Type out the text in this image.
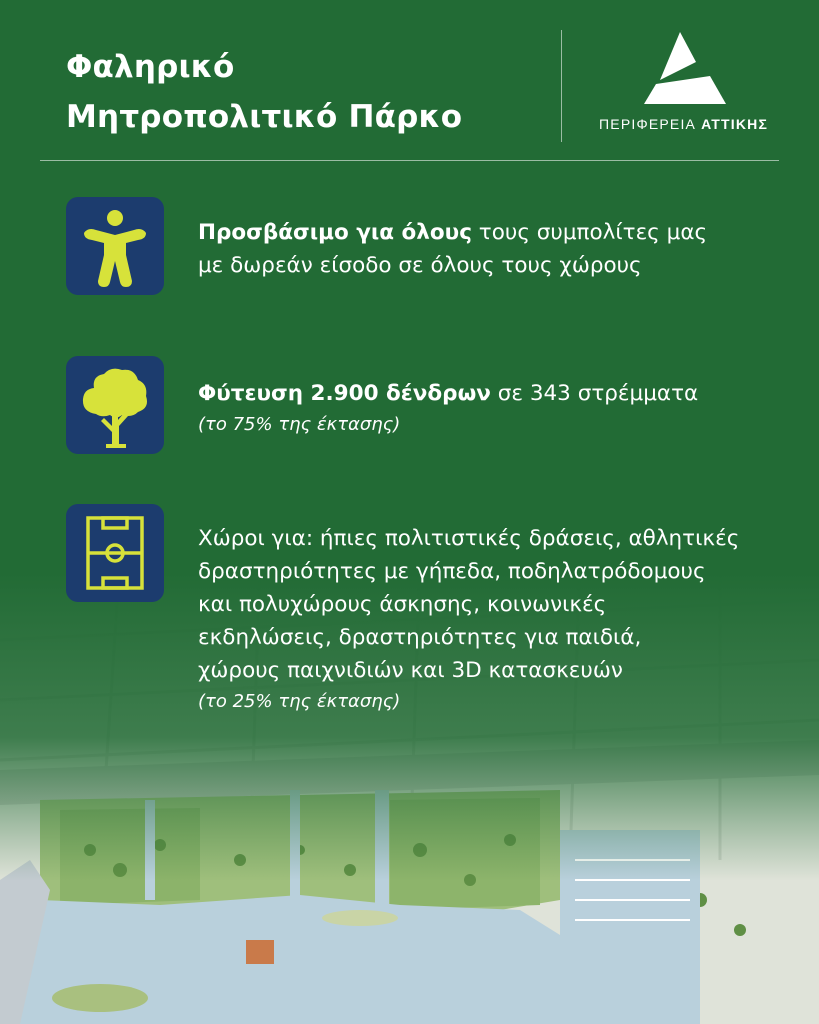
Φαληρικό
Μητροπολιτικό Πάρκο	ΠΕΡΙΦΕΡΕΙΑ ΑΤΤΙΚΗΣ
Προσβάσιμο για όλους τους συμπολίτες μας
με δωρεάν είσοδο σε όλους τους χώρους
Φύτευση 2.900 δένδρων σε 343 στρέμματα
(το 75% της έκτασης)
Χώροι για: ήπιες πολιτιστικές δράσεις, αθλητικές
δραστηριότητες με γήπεδα, ποδηλατρόδομους
και πολυχώρους άσκησης, κοινωνικές
εκδηλώσεις, δραστηριότητες για παιδιά,
χώρους παιχνιδιών και 3D κατασκευών
(το 25% της έκτασης)
